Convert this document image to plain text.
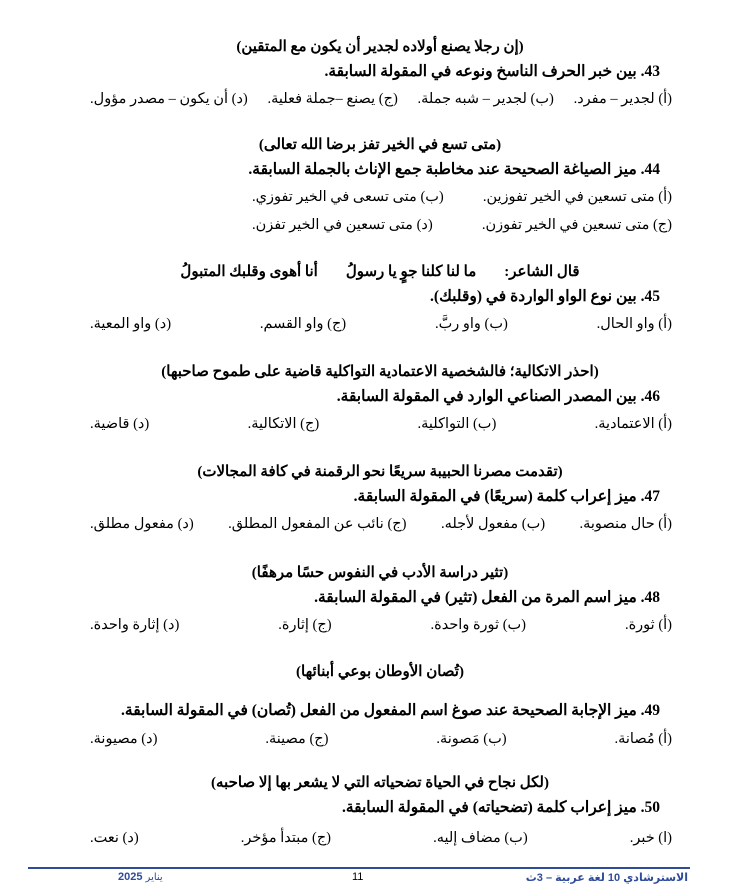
(إن رجلا يصنع أولاده لجدير أن يكون مع المتقين)
43. بين خبر الحرف الناسخ ونوعه في المقولة السابقة.
(أ) لجدير – مفرد.
(ب) لجدير – شبه جملة.
(ج) يصنع –جملة فعلية.
(د) أن يكون – مصدر مؤول.
(متى تسع في الخير تفز برضا الله تعالى)
44. ميز الصياغة الصحيحة عند مخاطبة جمع الإناث بالجملة السابقة.
(أ) متى تسعين في الخير تفوزين.
(ب) متى تسعى في الخير تفوزي.
(ج) متى تسعين في الخير تفوزن.
(د) متى تسعين في الخير تفزن.
قال الشاعر:
ما لنا كلنا جوٍ يا رسولُ
أنا أهوى وقلبك المتبولُ
45. بين نوع الواو الواردة في (وقلبك).
(أ) واو الحال.
(ب) واو ربَّ.
(ج) واو القسم.
(د) واو المعية.
(احذر الاتكالية؛ فالشخصية الاعتمادية التواكلية قاضية على طموح صاحبها)
46. بين المصدر الصناعي الوارد في المقولة السابقة.
(أ) الاعتمادية.
(ب) التواكلية.
(ج) الاتكالية.
(د) قاضية.
(تقدمت مصرنا الحبيبة سريعًا نحو الرقمنة في كافة المجالات)
47. ميز إعراب كلمة (سريعًا) في المقولة السابقة.
(أ) حال منصوبة.
(ب) مفعول لأجله.
(ج) نائب عن المفعول المطلق.
(د) مفعول مطلق.
(تثير دراسة الأدب في النفوس حسًا مرهفًا)
48. ميز اسم المرة من الفعل (تثير) في المقولة السابقة.
(أ) ثورة.
(ب) ثورة واحدة.
(ج) إثارة.
(د) إثارة واحدة.
(تُصان الأوطان بوعي أبنائها)
49. ميز الإجابة الصحيحة عند صوغ اسم المفعول من الفعل (تُصان) في المقولة السابقة.
(أ) مُصانة.
(ب) مَصونة.
(ج) مصينة.
(د) مصيونة.
(لكل نجاح في الحياة تضحياته التي لا يشعر بها إلا صاحبه)
50. ميز إعراب كلمة (تضحياته) في المقولة السابقة.
(ا) خبر.
(ب) مضاف إليه.
(ج) مبتدأ مؤخر.
(د) نعت.
الاسترشادي 10 لغة عربية – 3ث
11
2025 يناير
